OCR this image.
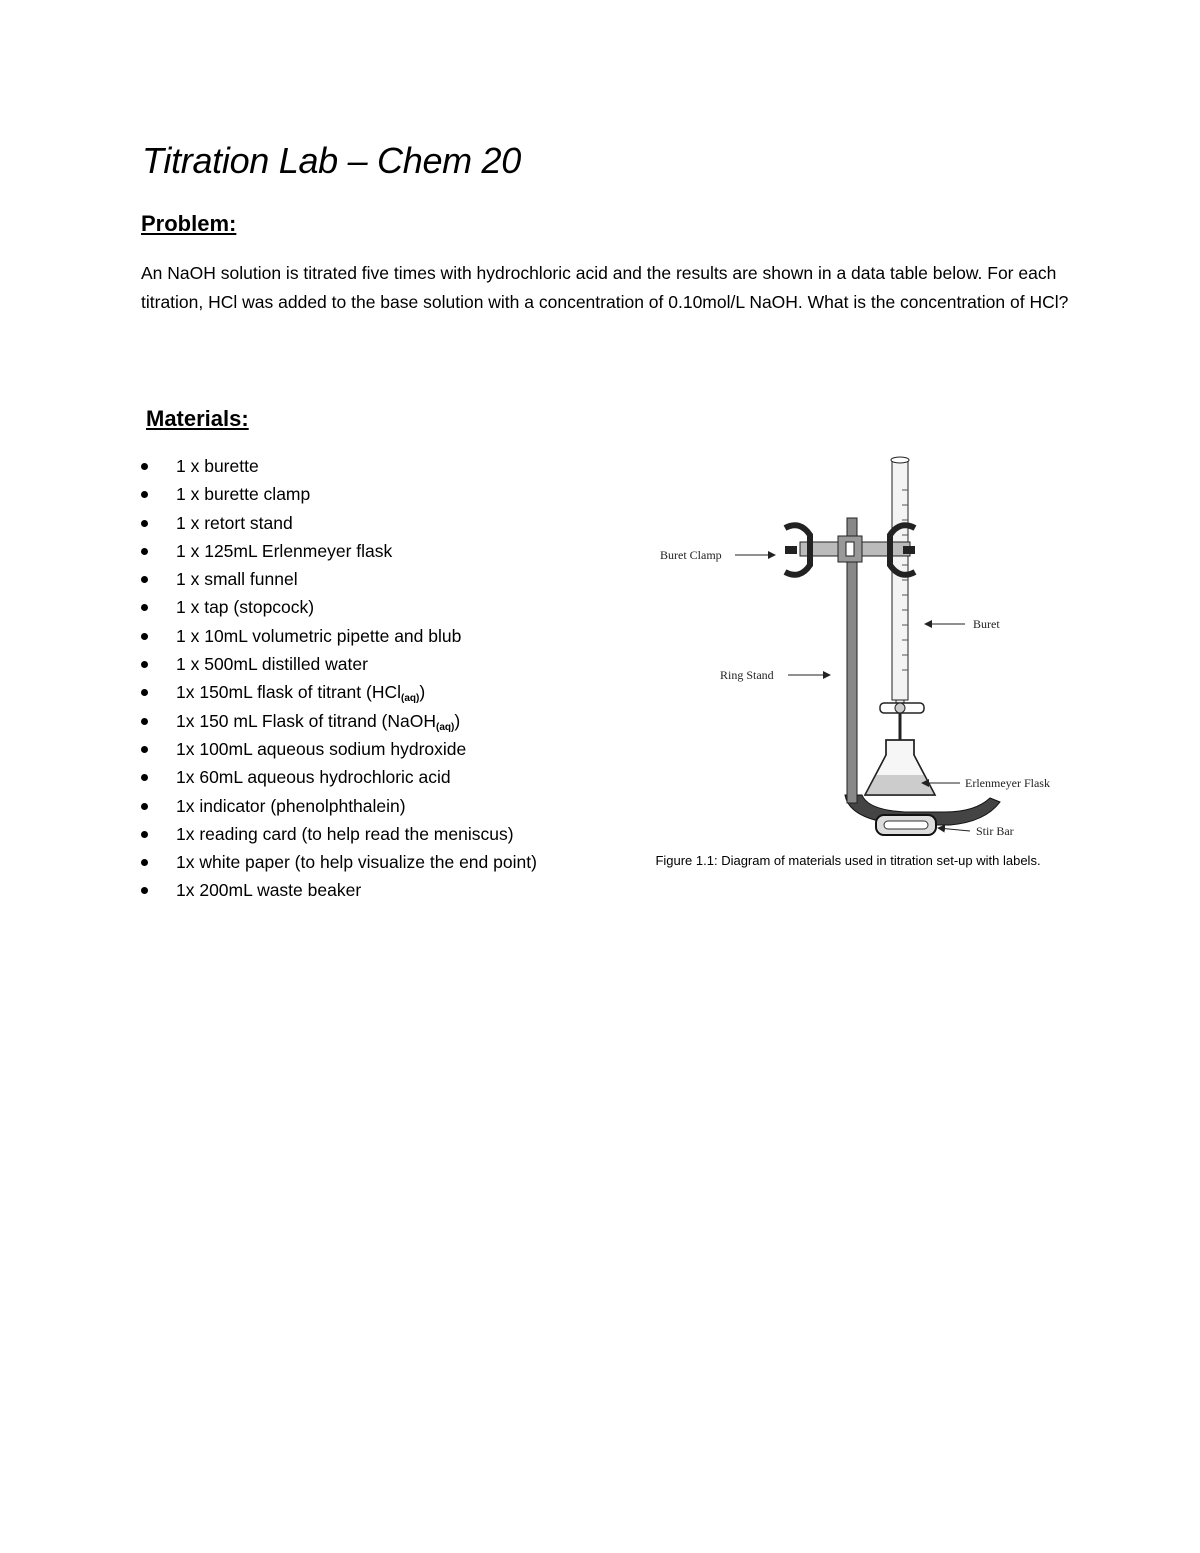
Titration Lab – Chem 20
Problem:

An NaOH solution is titrated five times with hydrochloric acid and the results are shown in a data table below. For each titration, HCl was added to the base solution with a concentration of 0.10mol/L NaOH. What is the concentration of HCl?

Materials:
1 x burette
1 x burette clamp
1 x retort stand
1 x 125mL Erlenmeyer flask
1 x small funnel
1 x tap (stopcock)
1 x 10mL volumetric pipette and blub
1 x 500mL distilled water
1x 150mL flask of titrant (HCl$_{(aq)}$)
1x 150 mL Flask of titrand (NaOH$_{(aq)}$)
1x 100mL aqueous sodium hydroxide
1x 60mL aqueous hydrochloric acid
1x indicator (phenolphthalein)
1x reading card (to help read the meniscus)
1x white paper (to help visualize the end point)
1x 200mL waste beaker
Buret Clamp
Buret
Ring Stand
Erlenmeyer Flask
Stir Bar

Figure 1.1: Diagram of materials used in titration set-up with labels.
